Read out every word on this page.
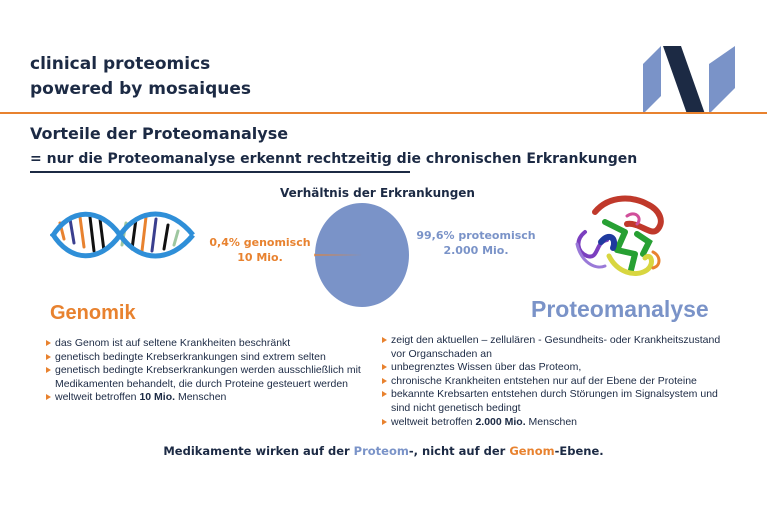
clinical proteomics
powered by mosaiques
Vorteile der Proteomanalyse
= nur die Proteomanalyse erkennt rechtzeitig die chronischen Erkrankungen
Verhältnis der Erkrankungen
0,4% genomisch
10 Mio.
99,6% proteomisch
2.000 Mio.
Genomik
das Genom ist auf seltene Krankheiten beschränkt
genetisch bedingte Krebserkrankungen sind extrem selten
genetisch bedingte Krebserkrankungen werden ausschließlich mit Medikamenten behandelt, die durch Proteine gesteuert werden
weltweit betroffen 10 Mio. Menschen
Proteomanalyse
zeigt den aktuellen – zellulären - Gesundheits- oder Krankheitszustand vor Organschaden an
unbegrenztes Wissen über das Proteom,
chronische Krankheiten entstehen nur auf der Ebene der Proteine
bekannte Krebsarten entstehen durch Störungen im Signalsystem und sind nicht genetisch bedingt
weltweit betroffen 2.000 Mio. Menschen
Medikamente wirken auf der Proteom-, nicht auf der Genom-Ebene.
